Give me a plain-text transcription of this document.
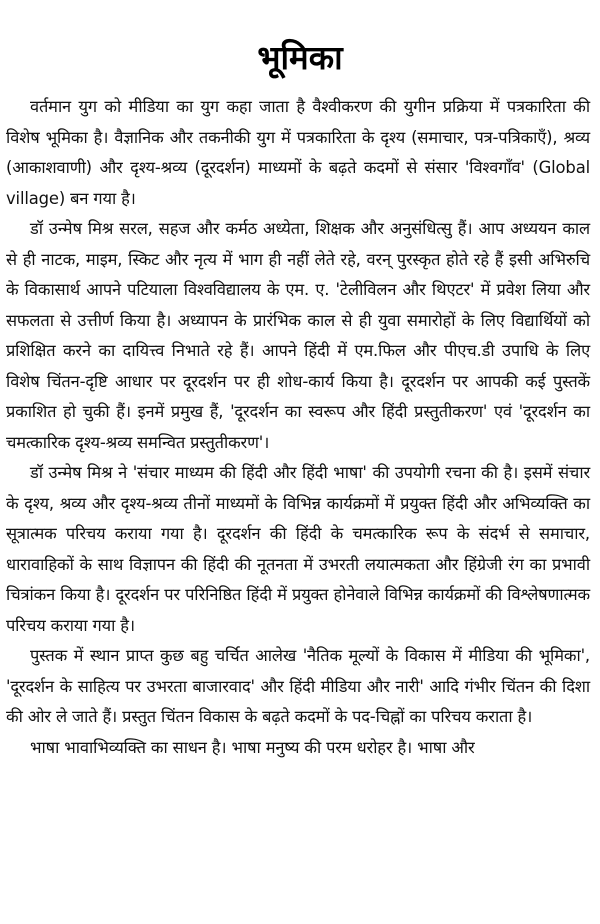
भूमिका

वर्तमान युग को मीडिया का युग कहा जाता है वैश्वीकरण की युगीन प्रक्रिया में पत्रकारिता की विशेष भूमिका है। वैज्ञानिक और तकनीकी युग में पत्रकारिता के दृश्य (समाचार, पत्र-पत्रिकाएँ), श्रव्य (आकाशवाणी) और दृश्य-श्रव्य (दूरदर्शन) माध्यमों के बढ़ते कदमों से संसार 'विश्वगाँव' (Global village) बन गया है।

डॉ उन्मेष मिश्र सरल, सहज और कर्मठ अध्येता, शिक्षक और अनुसंधित्सु हैं। आप अध्ययन काल से ही नाटक, माइम, स्किट और नृत्य में भाग ही नहीं लेते रहे, वरन् पुरस्कृत होते रहे हैं इसी अभिरुचि के विकासार्थ आपने पटियाला विश्वविद्यालय के एम. ए. 'टेलीविलन और थिएटर' में प्रवेश लिया और सफलता से उत्तीर्ण किया है। अध्यापन के प्रारंभिक काल से ही युवा समारोहों के लिए विद्यार्थियों को प्रशिक्षित करने का दायित्त्व निभाते रहे हैं। आपने हिंदी में एम.फिल और पीएच.डी उपाधि के लिए विशेष चिंतन-दृष्टि आधार पर दूरदर्शन पर ही शोध-कार्य किया है। दूरदर्शन पर आपकी कई पुस्तकें प्रकाशित हो चुकी हैं। इनमें प्रमुख हैं, 'दूरदर्शन का स्वरूप और हिंदी प्रस्तुतीकरण' एवं 'दूरदर्शन का चमत्कारिक दृश्य-श्रव्य समन्वित प्रस्तुतीकरण'।

डॉ उन्मेष मिश्र ने 'संचार माध्यम की हिंदी और हिंदी भाषा' की उपयोगी रचना की है। इसमें संचार के दृश्य, श्रव्य और दृश्य-श्रव्य तीनों माध्यमों के विभिन्न कार्यक्रमों में प्रयुक्त हिंदी और अभिव्यक्ति का सूत्रात्मक परिचय कराया गया है। दूरदर्शन की हिंदी के चमत्कारिक रूप के संदर्भ से समाचार, धारावाहिकों के साथ विज्ञापन की हिंदी की नूतनता में उभरती लयात्मकता और हिंग्रेजी रंग का प्रभावी चित्रांकन किया है। दूरदर्शन पर परिनिष्ठित हिंदी में प्रयुक्त होनेवाले विभिन्न कार्यक्रमों की विश्लेषणात्मक परिचय कराया गया है।

पुस्तक में स्थान प्राप्त कुछ बहु चर्चित आलेख 'नैतिक मूल्यों के विकास में मीडिया की भूमिका', 'दूरदर्शन के साहित्य पर उभरता बाजारवाद' और हिंदी मीडिया और नारी' आदि गंभीर चिंतन की दिशा की ओर ले जाते हैं। प्रस्तुत चिंतन विकास के बढ़ते कदमों के पद-चिह्नों का परिचय कराता है।

भाषा भावाभिव्यक्ति का साधन है। भाषा मनुष्य की परम धरोहर है। भाषा और
